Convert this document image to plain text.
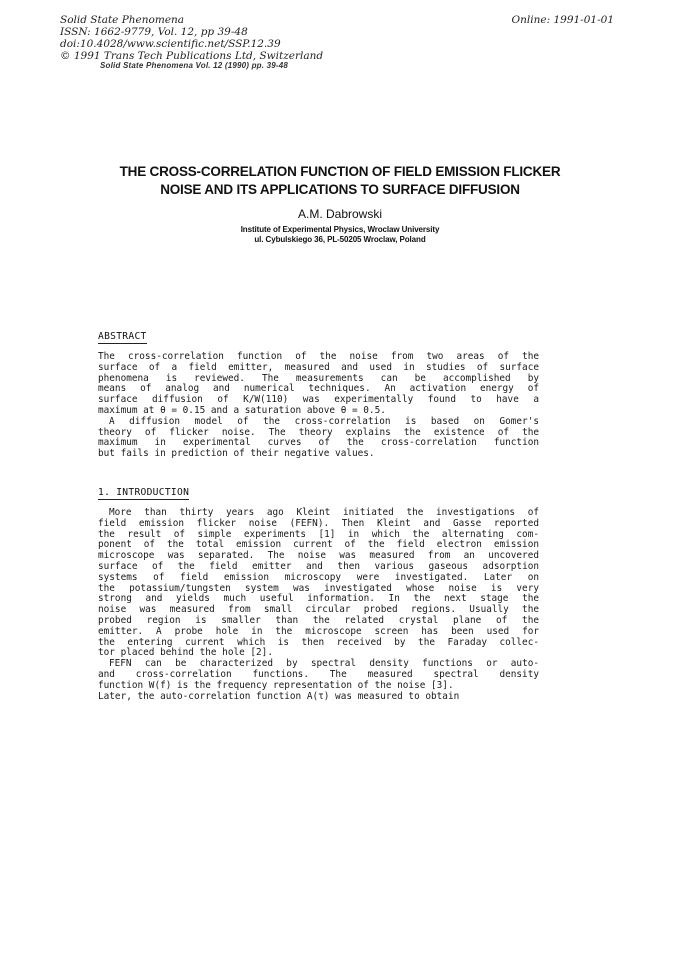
Solid State Phenomena
ISSN: 1662-9779, Vol. 12, pp 39-48
doi:10.4028/www.scientific.net/SSP.12.39
© 1991 Trans Tech Publications Ltd, Switzerland
Online: 1991-01-01
Solid State Phenomena Vol. 12 (1990) pp. 39-48
THE CROSS-CORRELATION FUNCTION OF FIELD EMISSION FLICKER
NOISE AND ITS APPLICATIONS TO SURFACE DIFFUSION
A.M. Dabrowski
Institute of Experimental Physics, Wroclaw University
ul. Cybulskiego 36, PL-50205 Wroclaw, Poland
ABSTRACT
The cross-correlation function of the noise from two areas of the
surface of a field emitter, measured and used in studies of surface
phenomena is reviewed. The measurements can be accomplished by
means of analog and numerical techniques. An activation energy of
surface diffusion of K/W(110) was experimentally found to have a
maximum at θ = 0.15 and a saturation above θ = 0.5.
A diffusion model of the cross-correlation is based on Gomer's
theory of flicker noise. The theory explains the existence of the
maximum in experimental curves of the cross-correlation function
but fails in prediction of their negative values.
1. INTRODUCTION
More than thirty years ago Kleint initiated the investigations of
field emission flicker noise (FEFN). Then Kleint and Gasse reported
the result of simple experiments [1] in which the alternating com-
ponent of the total emission current of the field electron emission
microscope was separated. The noise was measured from an uncovered
surface of the field emitter and then various gaseous adsorption
systems of field emission microscopy were investigated. Later on
the potassium/tungsten system was investigated whose noise is very
strong and yields much useful information. In the next stage the
noise was measured from small circular probed regions. Usually the
probed region is smaller than the related crystal plane of the
emitter. A probe hole in the microscope screen has been used for
the entering current which is then received by the Faraday collec-
tor placed behind the hole [2].
FEFN can be characterized by spectral density functions or auto-
and cross-correlation functions. The measured spectral density
function W(f) is the frequency representation of the noise [3].
Later, the auto-correlation function A(τ) was measured to obtain
